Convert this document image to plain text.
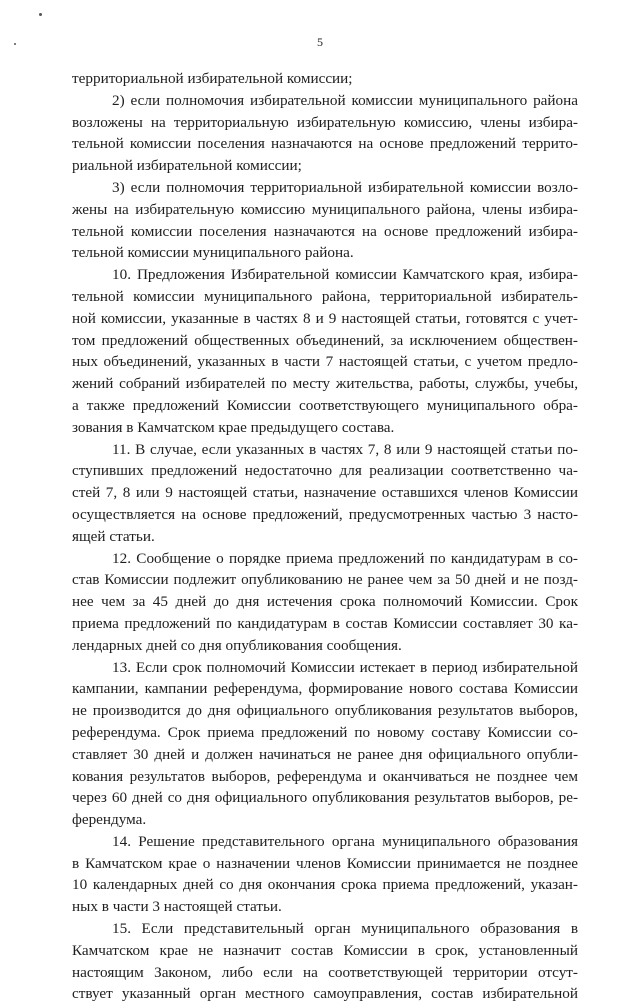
5
территориальной избирательной комиссии;
2) если полномочия избирательной комиссии муниципального района
возложены на территориальную избирательную комиссию, члены избира-
тельной комиссии поселения назначаются на основе предложений террито-
риальной избирательной комиссии;
3) если полномочия территориальной избирательной комиссии возло-
жены на избирательную комиссию муниципального района, члены избира-
тельной комиссии поселения назначаются на основе предложений избира-
тельной комиссии муниципального района.
10. Предложения Избирательной комиссии Камчатского края, избира-
тельной комиссии муниципального района, территориальной избиратель-
ной комиссии, указанные в частях 8 и 9 настоящей статьи, готовятся с учет-
том предложений общественных объединений, за исключением обществен-
ных объединений, указанных в части 7 настоящей статьи, с учетом предло-
жений собраний избирателей по месту жительства, работы, службы, учебы,
а также предложений Комиссии соответствующего муниципального обра-
зования в Камчатском крае предыдущего состава.
11. В случае, если указанных в частях 7, 8 или 9 настоящей статьи по-
ступивших предложений недостаточно для реализации соответственно ча-
стей 7, 8 или 9 настоящей статьи, назначение оставшихся членов Комиссии
осуществляется на основе предложений, предусмотренных частью 3 насто-
ящей статьи.
12. Сообщение о порядке приема предложений по кандидатурам в со-
став Комиссии подлежит опубликованию не ранее чем за 50 дней и не позд-
нее чем за 45 дней до дня истечения срока полномочий Комиссии. Срок
приема предложений по кандидатурам в состав Комиссии составляет 30 ка-
лендарных дней со дня опубликования сообщения.
13. Если срок полномочий Комиссии истекает в период избирательной
кампании, кампании референдума, формирование нового состава Комиссии
не производится до дня официального опубликования результатов выборов,
референдума. Срок приема предложений по новому составу Комиссии со-
ставляет 30 дней и должен начинаться не ранее дня официального опубли-
кования результатов выборов, референдума и оканчиваться не позднее чем
через 60 дней со дня официального опубликования результатов выборов, ре-
ферендума.
14. Решение представительного органа муниципального образования
в Камчатском крае о назначении членов Комиссии принимается не позднее
10 календарных дней со дня окончания срока приема предложений, указан-
ных в части 3 настоящей статьи.
15. Если представительный орган муниципального образования в
Камчатском крае не назначит состав Комиссии в срок, установленный
настоящим Законом, либо если на соответствующей территории отсут-
ствует указанный орган местного самоуправления, состав избирательной
